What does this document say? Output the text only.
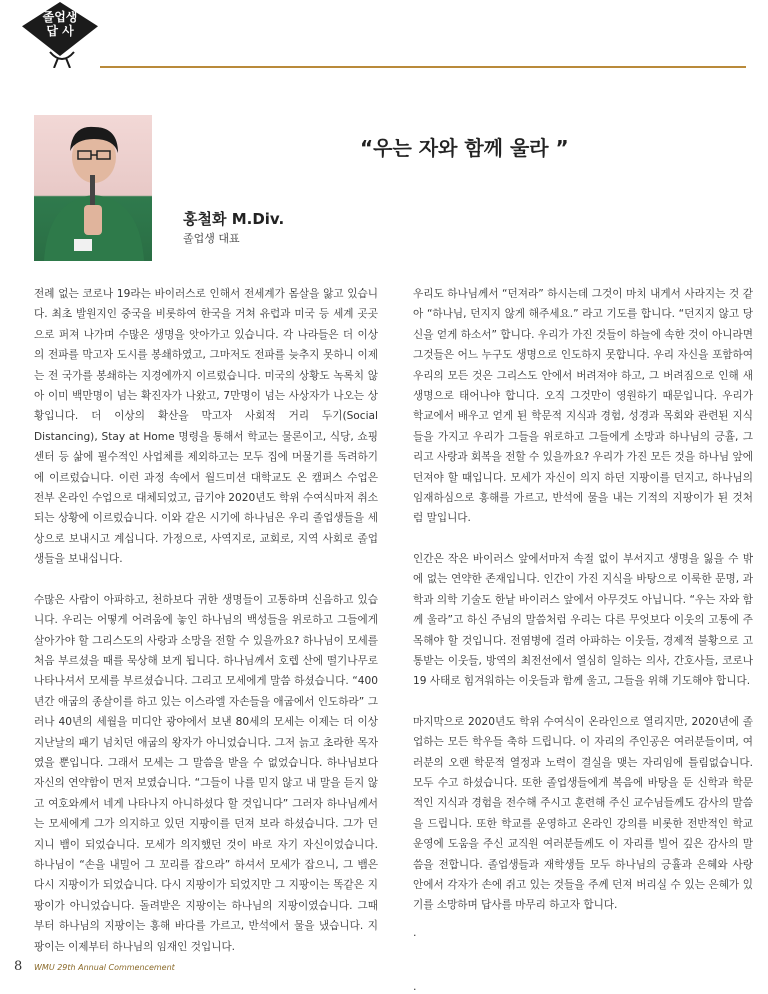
졸업생
답 사
“우는 자와 함께 울라 ”
홍철화 M.Div.
졸업생 대표

전례 없는 코로나 19라는 바이러스로 인해서 전세계가 몸살을 앓고 있습니다. 최초 발원지인 중국을 비롯하여 한국을 거쳐 유럽과 미국 등 세계 곳곳으로 퍼져 나가며 수많은 생명을 앗아가고 있습니다. 각 나라들은 더 이상의 전파를 막고자 도시를 봉쇄하였고, 그마저도 전파를 늦추지 못하니 이제는 전 국가를 봉쇄하는 지경에까지 이르렀습니다. 미국의 상황도 녹록치 않아 이미 백만명이 넘는 확진자가 나왔고, 7만명이 넘는 사상자가 나오는 상황입니다. 더 이상의 확산을 막고자 사회적 거리 두기(Social Distancing), Stay at Home 명령을 통해서 학교는 물론이고, 식당, 쇼핑 센터 등 삶에 필수적인 사업체를 제외하고는 모두 집에 머물기를 독려하기에 이르렀습니다. 이런 과정 속에서 월드미션 대학교도 온 캠퍼스 수업은 전부 온라인 수업으로 대체되었고, 급기야 2020년도 학위 수여식마저 취소되는 상황에 이르렀습니다. 이와 같은 시기에 하나님은 우리 졸업생들을 세상으로 보내시고 계십니다. 가정으로, 사역지로, 교회로, 지역 사회로 졸업생들을 보내십니다.

수많은 사람이 아파하고, 천하보다 귀한 생명들이 고통하며 신음하고 있습니다. 우리는 어떻게 어려움에 놓인 하나님의 백성들을 위로하고 그들에게 살아가야 할 그리스도의 사랑과 소망을 전할 수 있을까요? 하나님이 모세를 처음 부르셨을 때를 묵상해 보게 됩니다. 하나님께서 호렙 산에 떨기나무로 나타나셔서 모세를 부르셨습니다. 그리고 모세에게 말씀 하셨습니다. “400년간 애굽의 종살이를 하고 있는 이스라엘 자손들을 애굽에서 인도하라” 그러나 40년의 세월을 미디안 광야에서 보낸 80세의 모세는 이제는 더 이상 지난날의 패기 넘치던 애굽의 왕자가 아니었습니다. 그저 늙고 초라한 목자였을 뿐입니다. 그래서 모세는 그 말씀을 받을 수 없었습니다. 하나님보다 자신의 연약함이 먼저 보였습니다. “그들이 나를 믿지 않고 내 말을 듣지 않고 여호와께서 네게 나타나지 아니하셨다 할 것입니다” 그러자 하나님께서는 모세에게 그가 의지하고 있던 지팡이를 던져 보라 하셨습니다. 그가 던지니 뱀이 되었습니다. 모세가 의지했던 것이 바로 자기 자신이었습니다. 하나님이 “손을 내밀어 그 꼬리를 잡으라” 하셔서 모세가 잡으니, 그 뱀은 다시 지팡이가 되었습니다. 다시 지팡이가 되었지만 그 지팡이는 똑같은 지팡이가 아니었습니다. 돌려받은 지팡이는 하나님의 지팡이였습니다. 그때부터 하나님의 지팡이는 홍해 바다를 가르고, 반석에서 물을 냈습니다. 지팡이는 이제부터 하나님의 임재인 것입니다.

우리도 하나님께서 “던져라” 하시는데 그것이 마치 내게서 사라지는 것 같아 “하나님, 던지지 않게 해주세요.” 라고 기도를 합니다. “던지지 않고 당신을 얻게 하소서” 합니다. 우리가 가진 것들이 하늘에 속한 것이 아니라면 그것들은 어느 누구도 생명으로 인도하지 못합니다. 우리 자신을 포함하여 우리의 모든 것은 그리스도 안에서 버려져야 하고, 그 버려짐으로 인해 새 생명으로 태어나야 합니다. 오직 그것만이 영원하기 때문입니다. 우리가 학교에서 배우고 얻게 된 학문적 지식과 경험, 성경과 목회와 관련된 지식들을 가지고 우리가 그들을 위로하고 그들에게 소망과 하나님의 긍휼, 그리고 사랑과 회복을 전할 수 있을까요? 우리가 가진 모든 것을 하나님 앞에 던져야 할 때입니다. 모세가 자신이 의지 하던 지팡이를 던지고, 하나님의 임재하심으로 홍해를 가르고, 반석에 물을 내는 기적의 지팡이가 된 것처럼 말입니다.

인간은 작은 바이러스 앞에서마저 속절 없이 부서지고 생명을 잃을 수 밖에 없는 연약한 존재입니다. 인간이 가진 지식을 바탕으로 이룩한 문명, 과학과 의학 기술도 한낱 바이러스 앞에서 아무것도 아닙니다. “우는 자와 함께 울라”고 하신 주님의 말씀처럼 우리는 다른 무엇보다 이웃의 고통에 주목해야 할 것입니다. 전염병에 걸려 아파하는 이웃들, 경제적 불황으로 고통받는 이웃들, 방역의 최전선에서 열심히 일하는 의사, 간호사들, 코로나19 사태로 힘겨워하는 이웃들과 함께 울고, 그들을 위해 기도해야 합니다.

마지막으로 2020년도 학위 수여식이 온라인으로 열리지만, 2020년에 졸업하는 모든 학우들 축하 드립니다. 이 자리의 주인공은 여러분들이며, 여러분의 오랜 학문적 열정과 노력이 결실을 맺는 자리임에 틀림없습니다. 모두 수고 하셨습니다. 또한 졸업생들에게 복음에 바탕을 둔 신학과 학문적인 지식과 경험을 전수해 주시고 훈련해 주신 교수님들께도 감사의 말씀을 드립니다. 또한 학교를 운영하고 온라인 강의를 비롯한 전반적인 학교 운영에 도움을 주신 교직원 여러분들께도 이 자리를 빌어 깊은 감사의 말씀을 전합니다. 졸업생들과 재학생들 모두 하나님의 긍휼과 은혜와 사랑 안에서 각자가 손에 쥐고 있는 것들을 주께 던져 버리실 수 있는 은혜가 있기를 소망하며 답사를 마무리 하고자 합니다.

.
.
8 WMU 29th Annual Commencement
